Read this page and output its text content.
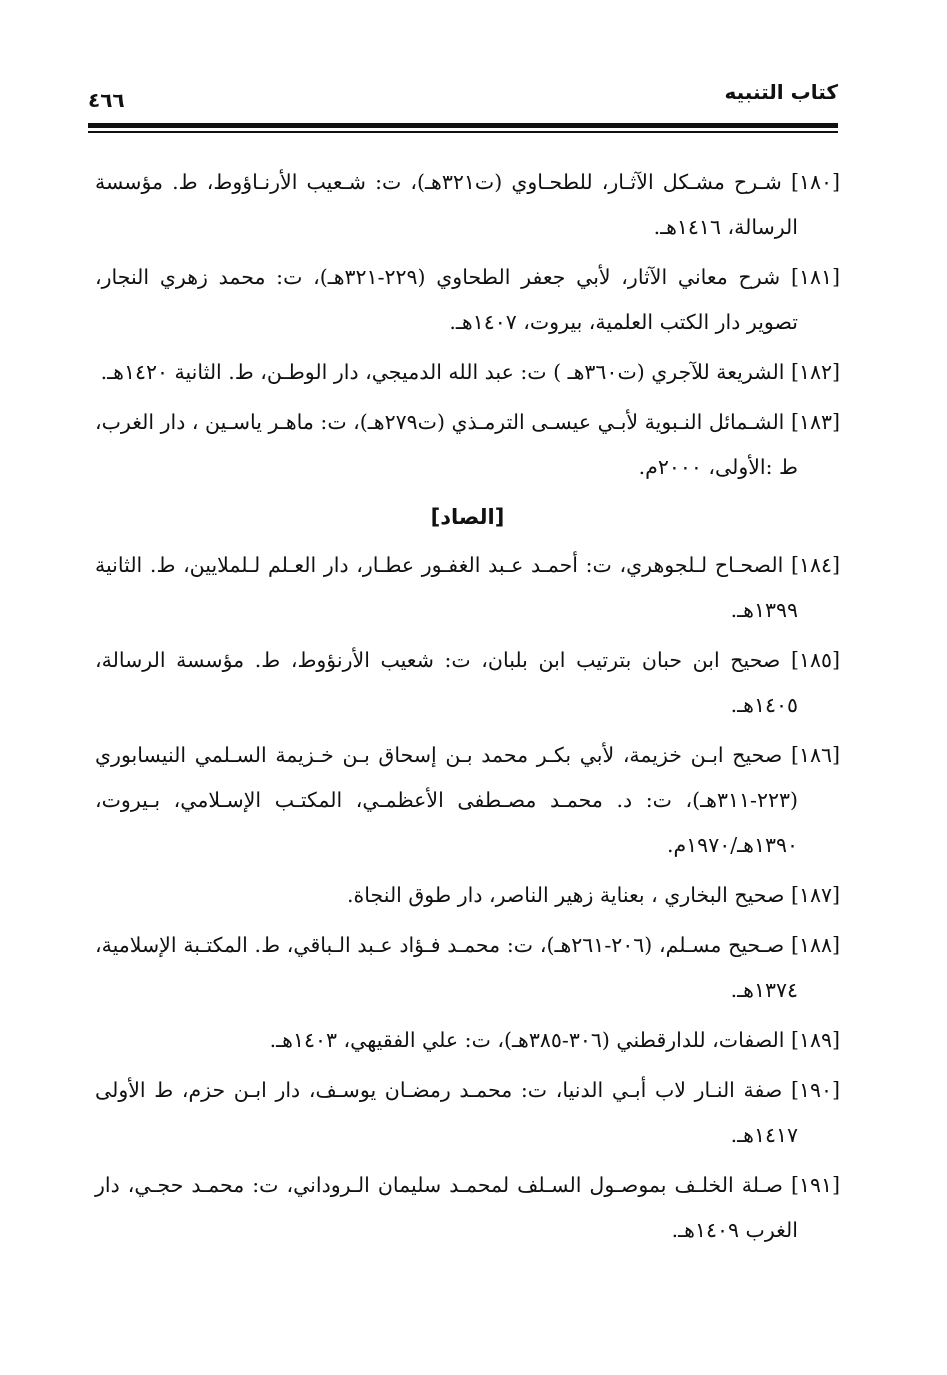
كتاب التنبيه
٤٦٦

[١٨٠] شـرح مشـكل الآثـار، للطحـاوي (ت٣٢١هـ)، ت: شـعيب الأرنـاؤوط، ط. مؤسسة الرسالة، ١٤١٦هـ.

[١٨١] شرح معاني الآثار، لأبي جعفر الطحاوي (٢٢٩-٣٢١هـ)، ت: محمد زهري النجار، تصوير دار الكتب العلمية، بيروت، ١٤٠٧هـ.

[١٨٢] الشريعة للآجري (ت٣٦٠هـ ) ت: عبد الله الدميجي، دار الوطـن، ط. الثانية ١٤٢٠هـ.

[١٨٣] الشـمائل النـبوية لأبـي عيسـى الترمـذي (ت٢٧٩هـ)، ت: ماهـر ياسـين ، دار الغرب، ط :الأولى، ٢٠٠٠م.

[الصاد]

[١٨٤] الصحـاح لـلجوهري، ت: أحمـد عـبد الغفـور عطـار، دار العـلم لـلملايين، ط. الثانية ١٣٩٩هـ.

[١٨٥] صحيح ابن حبان بترتيب ابن بلبان، ت: شعيب الأرنؤوط، ط. مؤسسة الرسالة، ١٤٠٥هـ.

[١٨٦] صحيح ابـن خزيمة، لأبي بكـر محمد بـن إسحاق بـن خـزيمة السـلمي النيسابوري (٢٢٣-٣١١هـ)، ت: د. محمـد مصـطفى الأعظمـي، المكتـب الإسـلامي، بـيروت، ١٣٩٠هـ/١٩٧٠م.

[١٨٧] صحيح البخاري ، بعناية زهير الناصر، دار طوق النجاة.

[١٨٨] صـحيح مسـلم، (٢٠٦-٢٦١هـ)، ت: محمـد فـؤاد عـبد الـباقي، ط. المكتـبة الإسلامية، ١٣٧٤هـ.

[١٨٩] الصفات، للدارقطني (٣٠٦-٣٨٥هـ)، ت: علي الفقيهي، ١٤٠٣هـ.

[١٩٠] صفة النـار لاب أبـي الدنيا، ت: محمـد رمضـان يوسـف، دار ابـن حزم، ط الأولى ١٤١٧هـ.

[١٩١] صـلة الخلـف بموصـول السـلف لمحمـد سليمان الـروداني، ت: محمـد حجـي، دار الغرب ١٤٠٩هـ.
